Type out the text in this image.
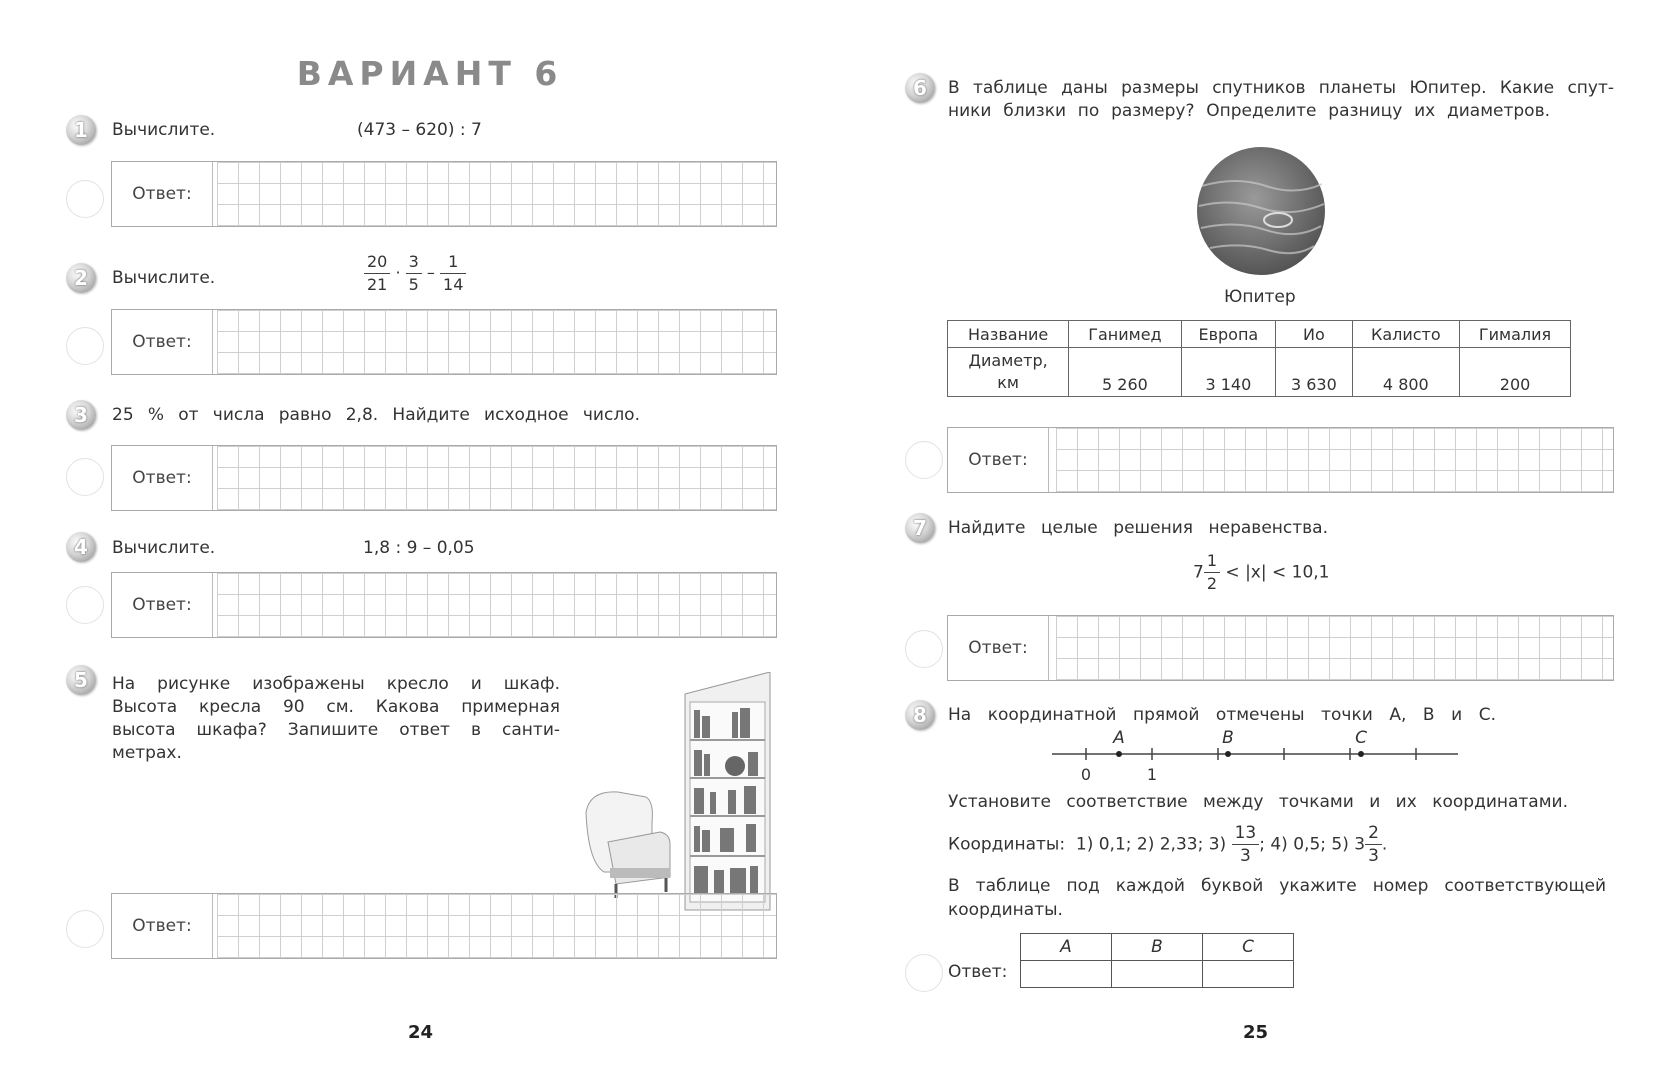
ВАРИАНТ 6
1	Вычислите.	(473 – 620) : 7
Ответ:
2	Вычислите.	$\frac{20}{21} \cdot \frac{3}{5} - \frac{1}{14}$
Ответ:
3	25 % от числа равно 2,8. Найдите исходное число.
Ответ:
4	Вычислите.	1,8 : 9 – 0,05
Ответ:
5	На рисунке изображены кресло и шкаф.
Высота кресла 90 см. Какова примерная
высота шкафа? Запишите ответ в санти-
метрах.
Ответ:
24
6	В таблице даны размеры спутников планеты Юпитер. Какие спут-
ники близки по размеру? Определите разницу их диаметров.
Юпитер
Название	Ганимед	Европа	Ио	Калисто	Гималия
Диаметр,
км	5 260	3 140	3 630	4 800	200
Ответ:
7	Найдите целые решения неравенства.
$7 \frac{1}{2} < |x| < 10,1$
Ответ:
8	На координатной прямой отмечены точки A, B и C.
A	B	C
0	1
Установите соответствие между точками и их координатами.
Координаты: 1) 0,1; 2) 2,33; $3) \frac{13}{3}$ ; 4) 0,5; 5) $3 \frac{2}{3}$ .
В таблице под каждой буквой укажите номер соответствующей
координаты.
Ответ:
A	B	C

25
